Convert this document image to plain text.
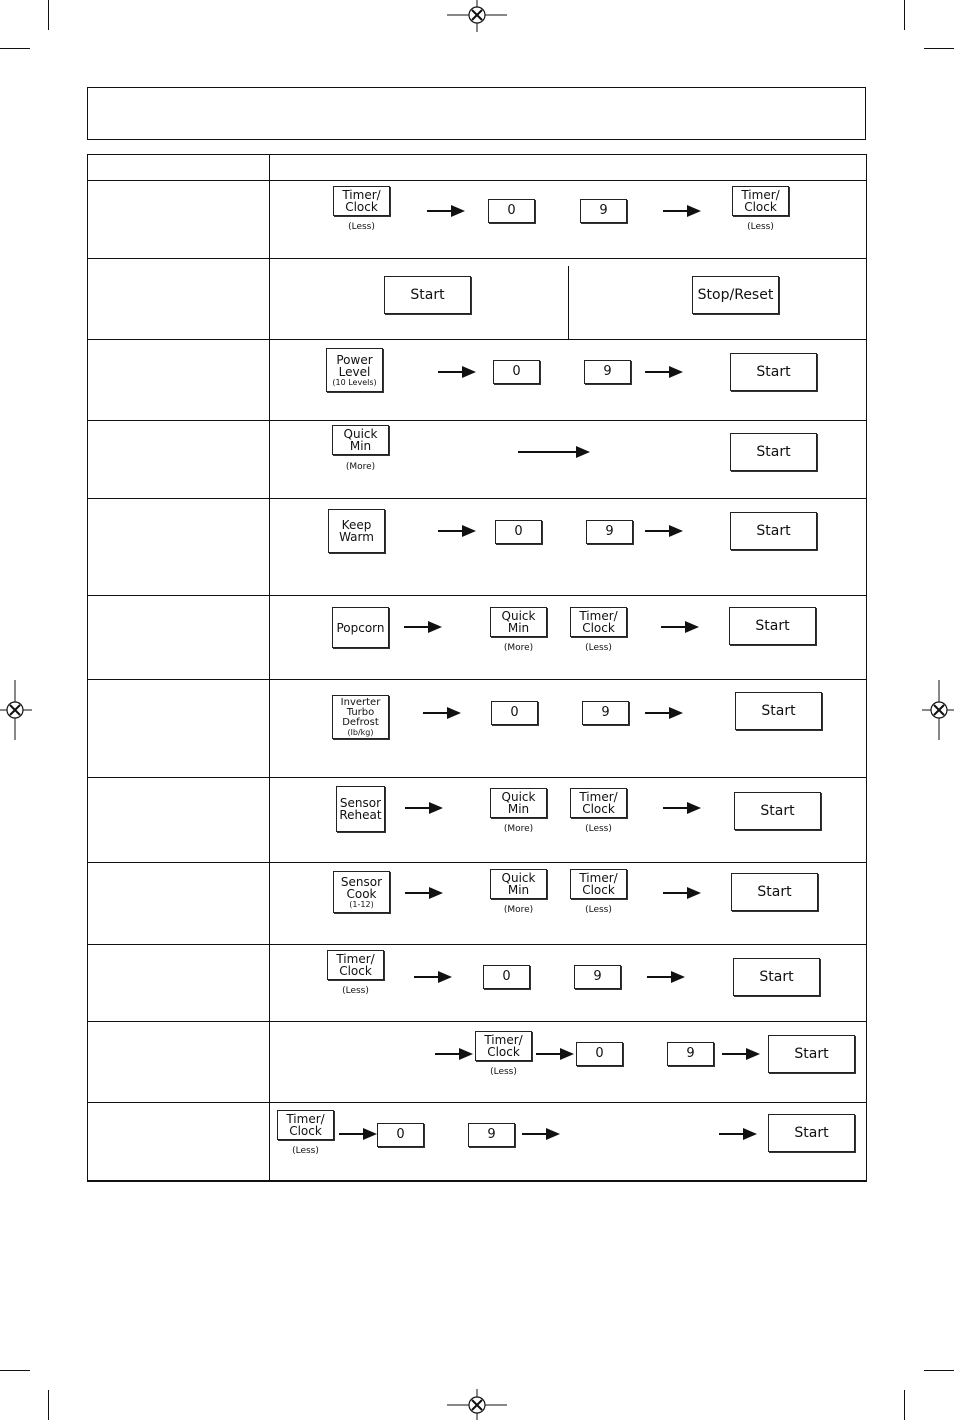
Timer/
Clock
(Less)
0	9
Timer/
Clock
(Less)
Start	Stop/Reset
Power
Level
(10 Levels)
0	9	Start
Quick
Min
(More)
Start
Keep
Warm	0	9	Start
Popcorn
Quick
Min
(More)
Timer/
Clock
(Less)
Start
Inverter
Turbo
Defrost
(lb/kg)
0	9	Start
Sensor
Reheat
Quick
Min
(More)
Timer/
Clock
(Less)
Start
Sensor
Cook
(1-12)
Quick
Min
(More)
Timer/
Clock
(Less)
Start
Timer/
Clock
(Less)
0	9	Start
Timer/
Clock
(Less)
0	9	Start
Timer/
Clock
(Less)
0	9	Start
